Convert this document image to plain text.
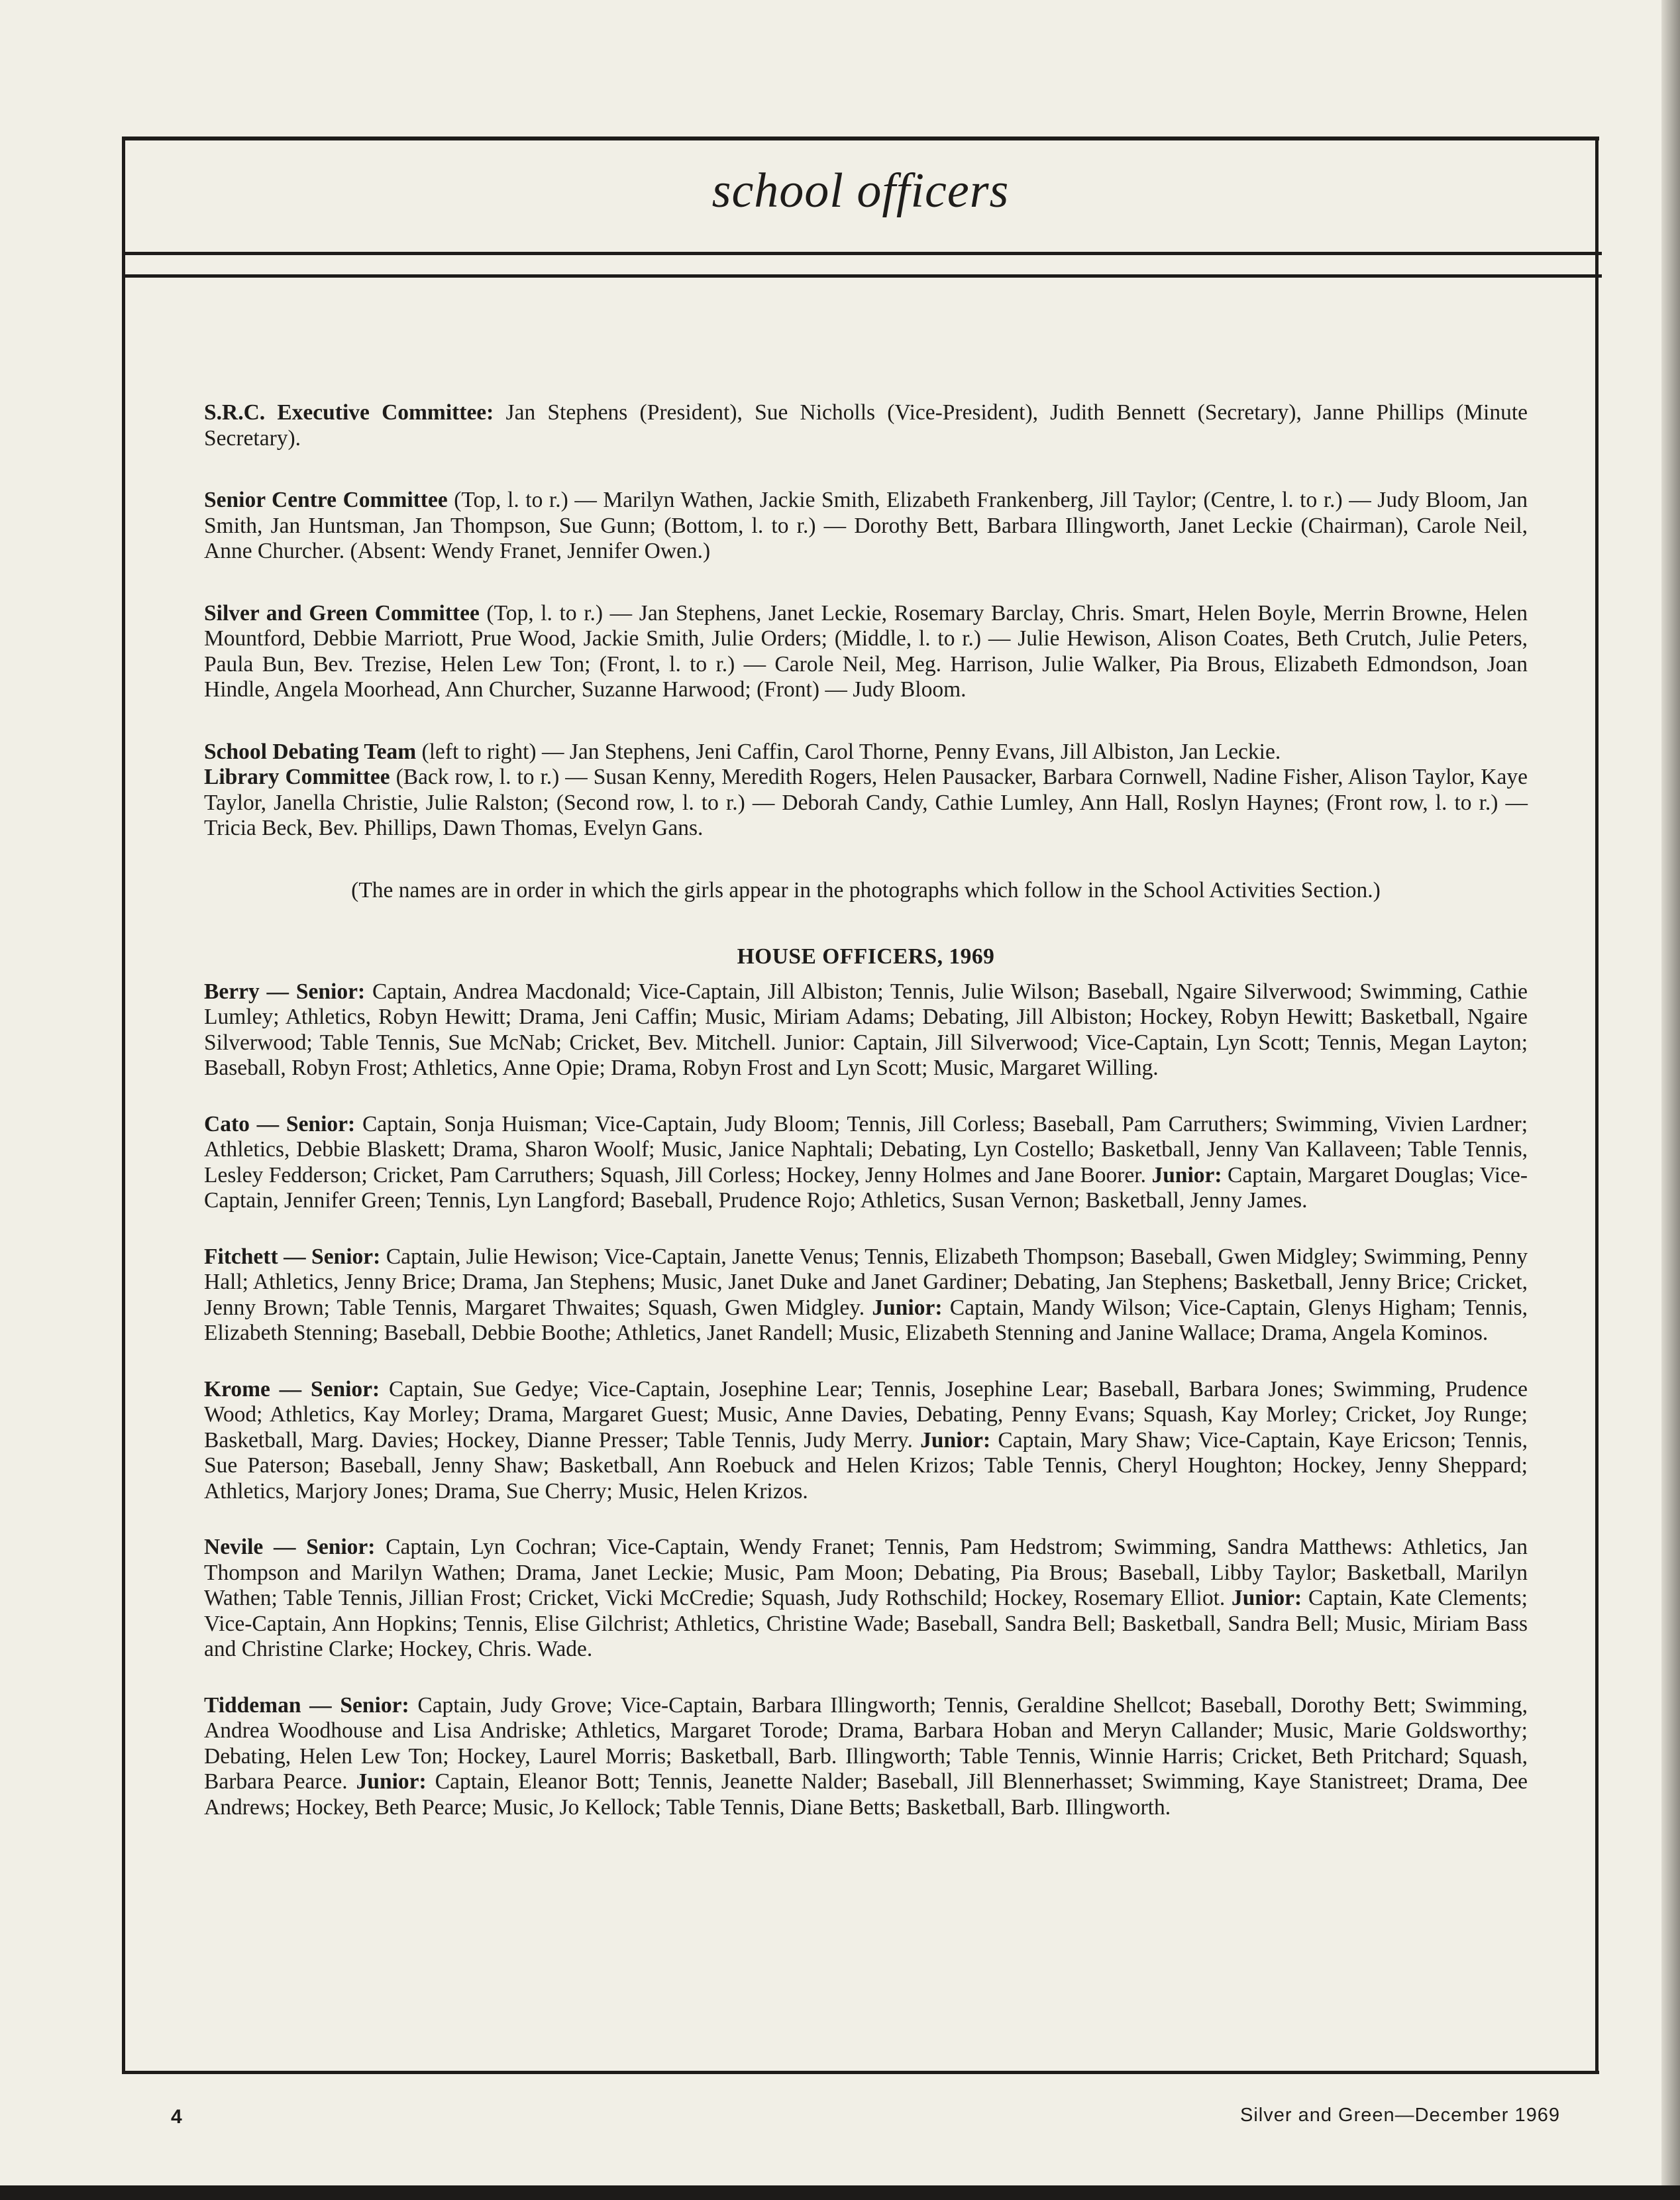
school officers

S.R.C. Executive Committee: Jan Stephens (President), Sue Nicholls (Vice-President), Judith Bennett (Secretary), Janne Phillips (Minute Secretary).

Senior Centre Committee (Top, l. to r.) — Marilyn Wathen, Jackie Smith, Elizabeth Frankenberg, Jill Taylor; (Centre, l. to r.) — Judy Bloom, Jan Smith, Jan Huntsman, Jan Thompson, Sue Gunn; (Bottom, l. to r.) — Dorothy Bett, Barbara Illingworth, Janet Leckie (Chairman), Carole Neil, Anne Churcher. (Absent: Wendy Franet, Jennifer Owen.)

Silver and Green Committee (Top, l. to r.) — Jan Stephens, Janet Leckie, Rosemary Barclay, Chris. Smart, Helen Boyle, Merrin Browne, Helen Mountford, Debbie Marriott, Prue Wood, Jackie Smith, Julie Orders; (Middle, l. to r.) — Julie Hewison, Alison Coates, Beth Crutch, Julie Peters, Paula Bun, Bev. Trezise, Helen Lew Ton; (Front, l. to r.) — Carole Neil, Meg. Harrison, Julie Walker, Pia Brous, Elizabeth Edmondson, Joan Hindle, Angela Moorhead, Ann Churcher, Suzanne Harwood; (Front) — Judy Bloom.

School Debating Team (left to right) — Jan Stephens, Jeni Caffin, Carol Thorne, Penny Evans, Jill Albiston, Jan Leckie.

Library Committee (Back row, l. to r.) — Susan Kenny, Meredith Rogers, Helen Pausacker, Barbara Cornwell, Nadine Fisher, Alison Taylor, Kaye Taylor, Janella Christie, Julie Ralston; (Second row, l. to r.) — Deborah Candy, Cathie Lumley, Ann Hall, Roslyn Haynes; (Front row, l. to r.) — Tricia Beck, Bev. Phillips, Dawn Thomas, Evelyn Gans.

(The names are in order in which the girls appear in the photographs which follow in the School Activities Section.)

HOUSE OFFICERS, 1969

Berry — Senior: Captain, Andrea Macdonald; Vice-Captain, Jill Albiston; Tennis, Julie Wilson; Baseball, Ngaire Silverwood; Swimming, Cathie Lumley; Athletics, Robyn Hewitt; Drama, Jeni Caffin; Music, Miriam Adams; Debating, Jill Albiston; Hockey, Robyn Hewitt; Basketball, Ngaire Silverwood; Table Tennis, Sue McNab; Cricket, Bev. Mitchell. Junior: Captain, Jill Silverwood; Vice-Captain, Lyn Scott; Tennis, Megan Layton; Baseball, Robyn Frost; Athletics, Anne Opie; Drama, Robyn Frost and Lyn Scott; Music, Margaret Willing.

Cato — Senior: Captain, Sonja Huisman; Vice-Captain, Judy Bloom; Tennis, Jill Corless; Baseball, Pam Carruthers; Swimming, Vivien Lardner; Athletics, Debbie Blaskett; Drama, Sharon Woolf; Music, Janice Naphtali; Debating, Lyn Costello; Basketball, Jenny Van Kallaveen; Table Tennis, Lesley Fedderson; Cricket, Pam Carruthers; Squash, Jill Corless; Hockey, Jenny Holmes and Jane Boorer. Junior: Captain, Margaret Douglas; Vice-Captain, Jennifer Green; Tennis, Lyn Langford; Baseball, Prudence Rojo; Athletics, Susan Vernon; Basketball, Jenny James.

Fitchett — Senior: Captain, Julie Hewison; Vice-Captain, Janette Venus; Tennis, Elizabeth Thompson; Baseball, Gwen Midgley; Swimming, Penny Hall; Athletics, Jenny Brice; Drama, Jan Stephens; Music, Janet Duke and Janet Gardiner; Debating, Jan Stephens; Basketball, Jenny Brice; Cricket, Jenny Brown; Table Tennis, Margaret Thwaites; Squash, Gwen Midgley. Junior: Captain, Mandy Wilson; Vice-Captain, Glenys Higham; Tennis, Elizabeth Stenning; Baseball, Debbie Boothe; Athletics, Janet Randell; Music, Elizabeth Stenning and Janine Wallace; Drama, Angela Kominos.

Krome — Senior: Captain, Sue Gedye; Vice-Captain, Josephine Lear; Tennis, Josephine Lear; Baseball, Barbara Jones; Swimming, Prudence Wood; Athletics, Kay Morley; Drama, Margaret Guest; Music, Anne Davies, Debating, Penny Evans; Squash, Kay Morley; Cricket, Joy Runge; Basketball, Marg. Davies; Hockey, Dianne Presser; Table Tennis, Judy Merry. Junior: Captain, Mary Shaw; Vice-Captain, Kaye Ericson; Tennis, Sue Paterson; Baseball, Jenny Shaw; Basketball, Ann Roebuck and Helen Krizos; Table Tennis, Cheryl Houghton; Hockey, Jenny Sheppard; Athletics, Marjory Jones; Drama, Sue Cherry; Music, Helen Krizos.

Nevile — Senior: Captain, Lyn Cochran; Vice-Captain, Wendy Franet; Tennis, Pam Hedstrom; Swimming, Sandra Matthews: Athletics, Jan Thompson and Marilyn Wathen; Drama, Janet Leckie; Music, Pam Moon; Debating, Pia Brous; Baseball, Libby Taylor; Basketball, Marilyn Wathen; Table Tennis, Jillian Frost; Cricket, Vicki McCredie; Squash, Judy Rothschild; Hockey, Rosemary Elliot. Junior: Captain, Kate Clements; Vice-Captain, Ann Hopkins; Tennis, Elise Gilchrist; Athletics, Christine Wade; Baseball, Sandra Bell; Basketball, Sandra Bell; Music, Miriam Bass and Christine Clarke; Hockey, Chris. Wade.

Tiddeman — Senior: Captain, Judy Grove; Vice-Captain, Barbara Illingworth; Tennis, Geraldine Shellcot; Baseball, Dorothy Bett; Swimming, Andrea Woodhouse and Lisa Andriske; Athletics, Margaret Torode; Drama, Barbara Hoban and Meryn Callander; Music, Marie Goldsworthy; Debating, Helen Lew Ton; Hockey, Laurel Morris; Basketball, Barb. Illingworth; Table Tennis, Winnie Harris; Cricket, Beth Pritchard; Squash, Barbara Pearce. Junior: Captain, Eleanor Bott; Tennis, Jeanette Nalder; Baseball, Jill Blennerhasset; Swimming, Kaye Stanistreet; Drama, Dee Andrews; Hockey, Beth Pearce; Music, Jo Kellock; Table Tennis, Diane Betts; Basketball, Barb. Illingworth.

4	Silver and Green—December 1969
